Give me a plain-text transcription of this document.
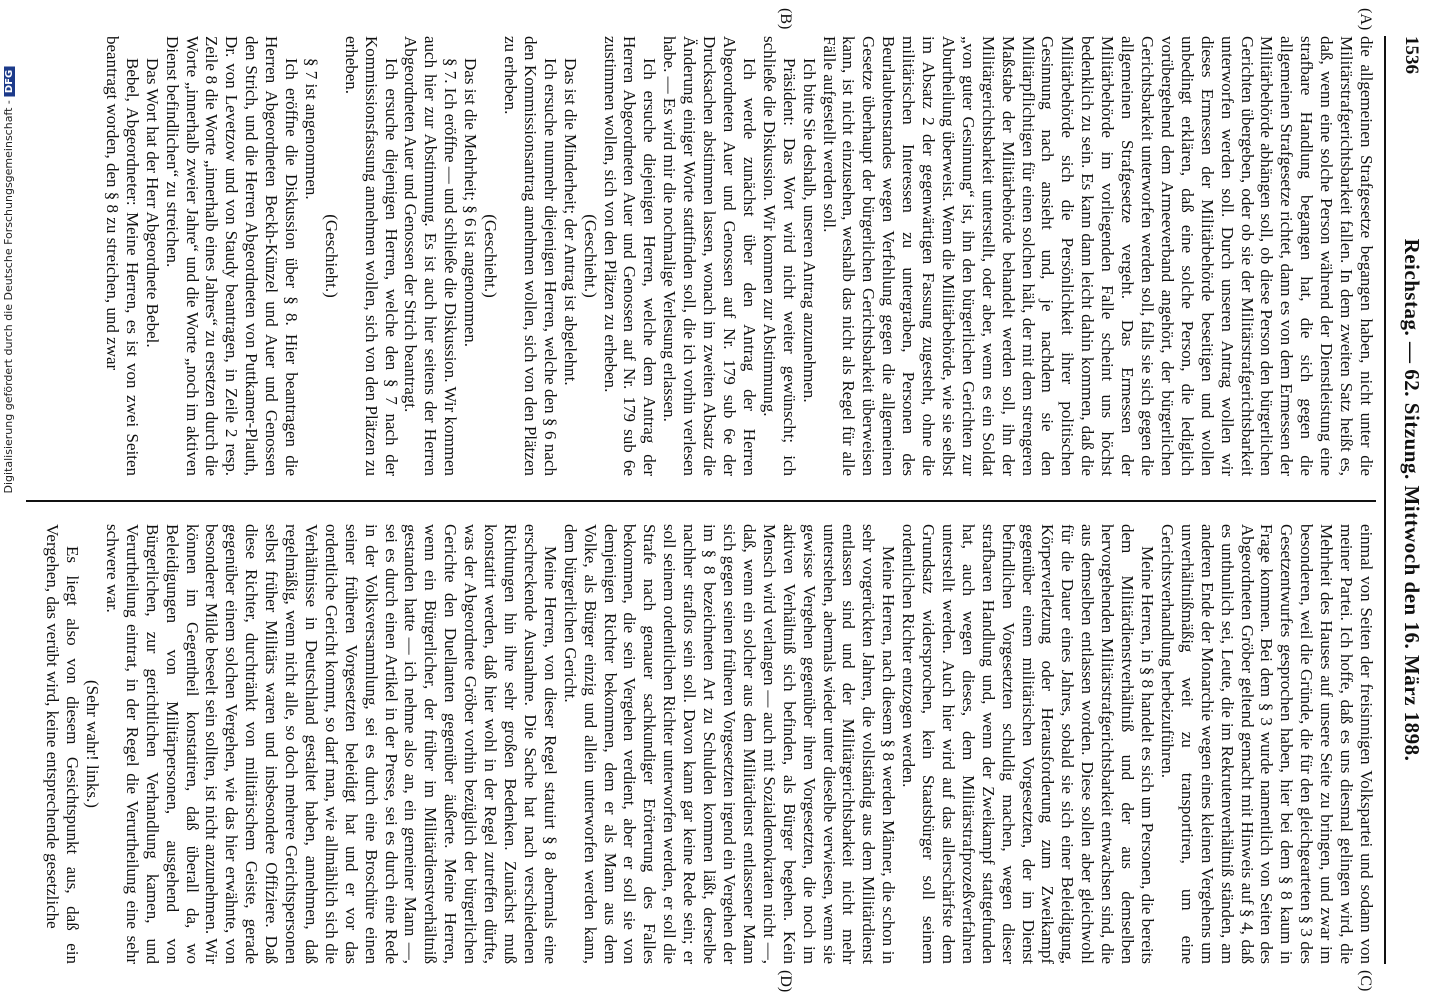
Digitalisierung gefördert durch die Deutsche Forschungsgemeinschaft -DFG
1536
Reichstag. — 62. Sitzung. Mittwoch den 16. März 1898.
(A)
(B)
(C)
(D)

die allgemeinen Strafgesetze begangen haben, nicht unter die Militärstrafgerichtsbarkeit fallen. In dem zweiten Satz heißt es, daß, wenn eine solche Person während der Dienstleistung eine strafbare Handlung begangen hat, die sich gegen die allgemeinen Strafgesetze richtet, dann es von dem Ermessen der Militärbehörde abhängen soll, ob diese Person den bürgerlichen Gerichten übergeben, oder ob sie der Militärstrafgerichtsbarkeit unterworfen werden soll. Durch unseren Antrag wollen wir dieses Ermessen der Militärbehörde beseitigen und wollen unbedingt erklären, daß eine solche Person, die lediglich vorübergehend dem Armeeverband angehört, der bürgerlichen Gerichtsbarkeit unterworfen werden soll, falls sie sich gegen die allgemeinen Strafgesetze vergeht. Das Ermessen der Militärbehörde im vorliegenden Falle scheint uns höchst bedenklich zu sein. Es kann dann leicht dahin kommen, daß die Militärbehörde sich die Persönlichkeit ihrer politischen Gesinnung nach ansieht und, je nachdem sie den Militärpflichtigen für einen solchen hält, der mit dem strengeren Maßstabe der Militärbehörde behandelt werden soll, ihn der Militärgerichtsbarkeit unterstellt, oder aber, wenn es ein Soldat „von guter Gesinnung“ ist, ihn den bürgerlichen Gerichten zur Aburtheilung überweist. Wenn die Militärbehörde, wie sie selbst im Absatz 2 der gegenwärtigen Fassung zugesteht, ohne die militärischen Interessen zu untergraben, Personen des Beurlaubtenstandes wegen Verfehlung gegen die allgemeinen Gesetze überhaupt der bürgerlichen Gerichtsbarkeit überweisen kann, ist nicht einzusehen, weshalb das nicht als Regel für alle Fälle aufgestellt werden soll.

Ich bitte Sie deshalb, unseren Antrag anzunehmen.

Präsident: Das Wort wird nicht weiter gewünscht; ich schließe die Diskussion. Wir kommen zur Abstimmung.

Ich werde zunächst über den Antrag der Herren Abgeordneten Auer und Genossen auf Nr. 179 sub 6e der Drucksachen abstimmen lassen, wonach im zweiten Absatz die Änderung einiger Worte stattfinden soll, die ich vorhin verlesen habe. — Es wird mir die nochmalige Verlesung erlassen.

Ich ersuche diejenigen Herren, welche dem Antrag der Herren Abgeordneten Auer und Genossen auf Nr. 179 sub 6e zustimmen wollen, sich von den Plätzen zu erheben.

(Geschieht.)

Das ist die Minderheit; der Antrag ist abgelehnt.

Ich ersuche nunmehr diejenigen Herren, welche den § 6 nach den Kommissionsantrag annehmen wollen, sich von den Plätzen zu erheben.

(Geschieht.)

Das ist die Mehrheit; § 6 ist angenommen.

§ 7. Ich eröffne — und schließe die Diskussion. Wir kommen auch hier zur Abstimmung. Es ist auch hier seitens der Herren Abgeordneten Auer und Genossen der Strich beantragt.

Ich ersuche diejenigen Herren, welche den § 7 nach der Kommissionsfassung annehmen wollen, sich von den Plätzen zu erheben.

(Geschieht.)

§ 7 ist angenommen.

Ich eröffne die Diskussion über § 8. Hier beantragen die Herren Abgeordneten Beckh-Künzel und Auer und Genossen den Strich, und die Herren Abgeordneten von Puttkamer-Plauth, Dr. von Levetzow und von Staudy beantragen, in Zeile 2 resp. Zeile 8 die Worte „innerhalb eines Jahres“ zu ersetzen durch die Worte „innerhalb zweier Jahre“ und die Worte „noch im aktiven Dienst befindlichen“ zu streichen.

Das Wort hat der Herr Abgeordnete Bebel.

Bebel, Abgeordneter: Meine Herren, es ist von zwei Seiten beantragt worden, den § 8 zu streichen, und zwar

einmal von Seiten der freisinnigen Volkspartei und sodann von meiner Partei. Ich hoffe, daß es uns diesmal gelingen wird, die Mehrheit des Hauses auf unsere Seite zu bringen, und zwar im besonderen, weil die Gründe, die für den gleichgearteten § 3 des Gesetzentwurfes gesprochen haben, hier bei dem § 8 kaum in Frage kommen. Bei dem § 3 wurde namentlich von Seiten des Abgeordneten Gröber geltend gemacht mit Hinweis auf § 4, daß es unthunlich sei, Leute, die im Rekrutenverhältniß ständen, am anderen Ende der Monarchie wegen eines kleinen Vergehens um unverhältnißmäßig weit zu transportiren, um eine Gerichtsverhandlung herbeizuführen.

Meine Herren, in § 8 handelt es sich um Personen, die bereits dem Militärdienstverhältniß und der aus demselben hervorgehenden Militärstrafgerichtsbarkeit entwachsen sind, die aus demselben entlassen worden. Diese sollen aber gleichwohl für die Dauer eines Jahres, sobald sie sich einer Beleidigung, Körperverletzung oder Herausforderung zum Zweikampf gegenüber einem militärischen Vorgesetzten, der im Dienst befindlichen Vorgesetzten schuldig machen, wegen dieser strafbaren Handlung und, wenn der Zweikampf stattgefunden hat, auch wegen dieses, dem Militärstrafprozeßverfahren unterstellt werden. Auch hier wird auf das allerschärfste dem Grundsatz widersprochen, kein Staatsbürger soll seinem ordentlichen Richter entzogen werden.

Meine Herren, nach diesem § 8 werden Männer, die schon in sehr vorgerückten Jahren, die vollständig aus dem Militärdienst entlassen sind und der Militärgerichtsbarkeit nicht mehr unterstehen, abermals wieder unter dieselbe verwiesen, wenn sie gewisse Vergehen gegenüber ihren Vorgesetzten, die noch im aktiven Verhältniß sich befinden, als Bürger begehen. Kein Mensch wird verlangen — auch mit Sozialdemokraten nicht —, daß, wenn ein solcher aus dem Militärdienst entlassener Mann sich gegen seinen früheren Vorgesetzten irgend ein Vergehen der im § 8 bezeichneten Art zu Schulden kommen läßt, derselbe nachher straflos sein soll. Davon kann gar keine Rede sein; er soll seinem ordentlichen Richter unterworfen werden, er soll die Strafe nach genauer sachkundiger Erörterung des Falles bekommen, die sein Vergehen verdient, aber er soll sie von demjenigen Richter bekommen, dem er als Mann aus dem Volke, als Bürger einzig und allein unterworfen werden kann, dem bürgerlichen Gericht.

Meine Herren, von dieser Regel statuirt § 8 abermals eine erschreckende Ausnahme. Die Sache hat nach verschiedenen Richtungen hin ihre sehr großen Bedenken. Zunächst muß konstatirt werden, daß hier wohl in der Regel zutreffen dürfte, was der Abgeordnete Gröber vorhin bezüglich der bürgerlichen Gerichte den Duellanten gegenüber äußerte. Meine Herren, wenn ein Bürgerlicher, der früher im Militärdienstverhältniß gestanden hatte — ich nehme also an, ein gemeiner Mann —, sei es durch einen Artikel in der Presse, sei es durch eine Rede in der Volksversammlung, sei es durch eine Broschüre einen seiner früheren Vorgesetzten beleidigt hat und er vor das ordentliche Gericht kommt, so darf man, wie allmählich sich die Verhältnisse in Deutschland gestaltet haben, annehmen, daß regelmäßig, wenn nicht alle, so doch mehrere Gerichtspersonen selbst früher Militärs waren und insbesondere Offiziere. Daß diese Richter, durchtränkt von militärischem Geiste, gerade gegenüber einem solchen Vergehen, wie das hier erwähnte, von besonderer Milde beseelt sein sollten, ist nicht anzunehmen. Wir können im Gegentheil konstatiren, daß überall da, wo Beleidigungen von Militärpersonen, ausgehend von Bürgerlichen, zur gerichtlichen Verhandlung kamen, und Verurtheilung eintrat, in der Regel die Verurtheilung eine sehr schwere war.

(Sehr wahr! links.)

Es liegt also von diesem Gesichtspunkt aus, daß ein Vergehen, das verübt wird, keine entsprechende gesetzliche
